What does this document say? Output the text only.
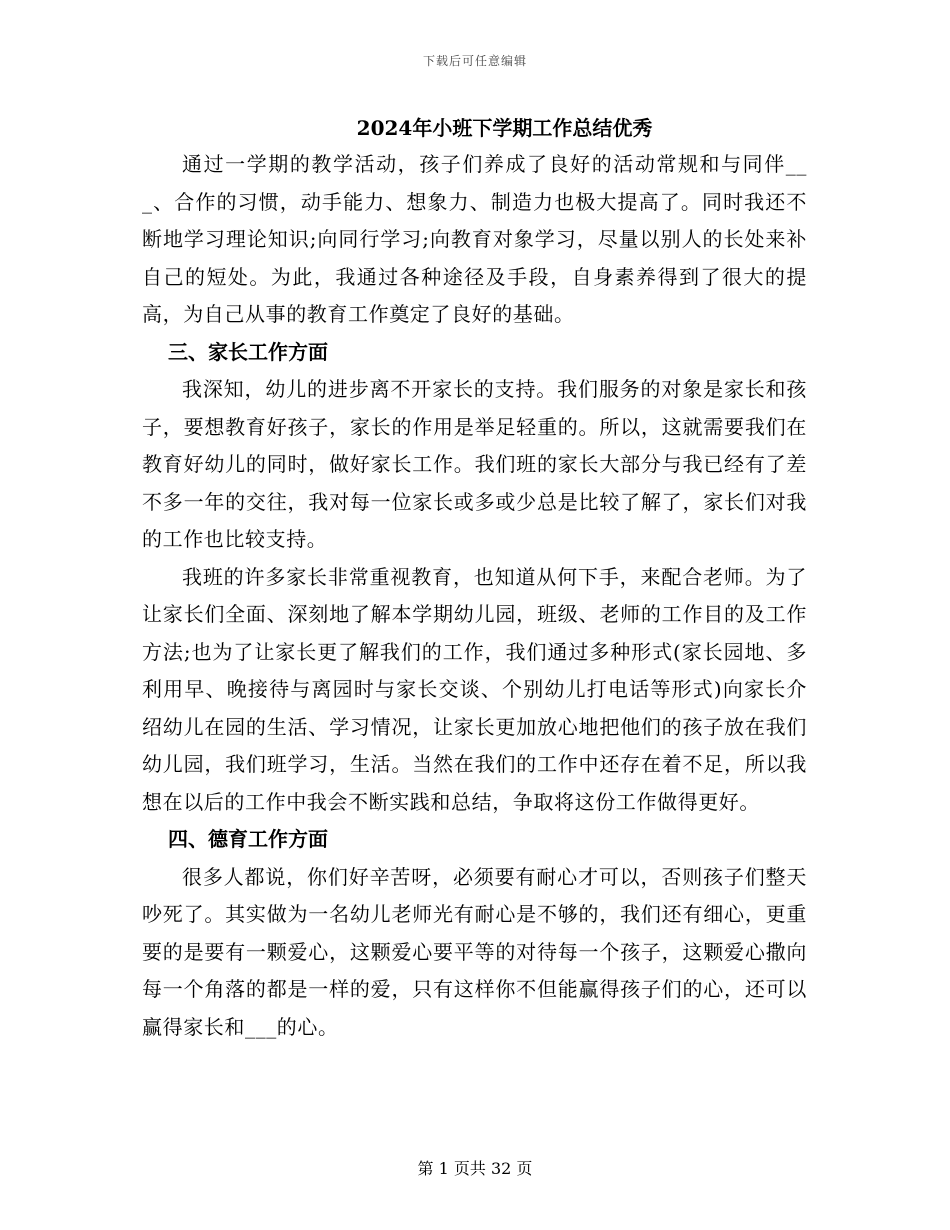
下载后可任意编辑
2024年小班下学期工作总结优秀

通过一学期的教学活动，孩子们养成了良好的活动常规和与同伴___、合作的习惯，动手能力、想象力、制造力也极大提高了。同时我还不断地学习理论知识;向同行学习;向教育对象学习，尽量以别人的长处来补自己的短处。为此，我通过各种途径及手段，自身素养得到了很大的提高，为自己从事的教育工作奠定了良好的基础。

三、家长工作方面

我深知，幼儿的进步离不开家长的支持。我们服务的对象是家长和孩子，要想教育好孩子，家长的作用是举足轻重的。所以，这就需要我们在教育好幼儿的同时，做好家长工作。我们班的家长大部分与我已经有了差不多一年的交往，我对每一位家长或多或少总是比较了解了，家长们对我的工作也比较支持。

我班的许多家长非常重视教育，也知道从何下手，来配合老师。为了让家长们全面、深刻地了解本学期幼儿园，班级、老师的工作目的及工作方法;也为了让家长更了解我们的工作，我们通过多种形式(家长园地、多利用早、晚接待与离园时与家长交谈、个别幼儿打电话等形式)向家长介绍幼儿在园的生活、学习情况，让家长更加放心地把他们的孩子放在我们幼儿园，我们班学习，生活。当然在我们的工作中还存在着不足，所以我想在以后的工作中我会不断实践和总结，争取将这份工作做得更好。

四、德育工作方面

很多人都说，你们好辛苦呀，必须要有耐心才可以，否则孩子们整天吵死了。其实做为一名幼儿老师光有耐心是不够的，我们还有细心，更重要的是要有一颗爱心，这颗爱心要平等的对待每一个孩子，这颗爱心撒向每一个角落的都是一样的爱，只有这样你不但能赢得孩子们的心，还可以赢得家长和___的心。

第 1 页共 32 页
